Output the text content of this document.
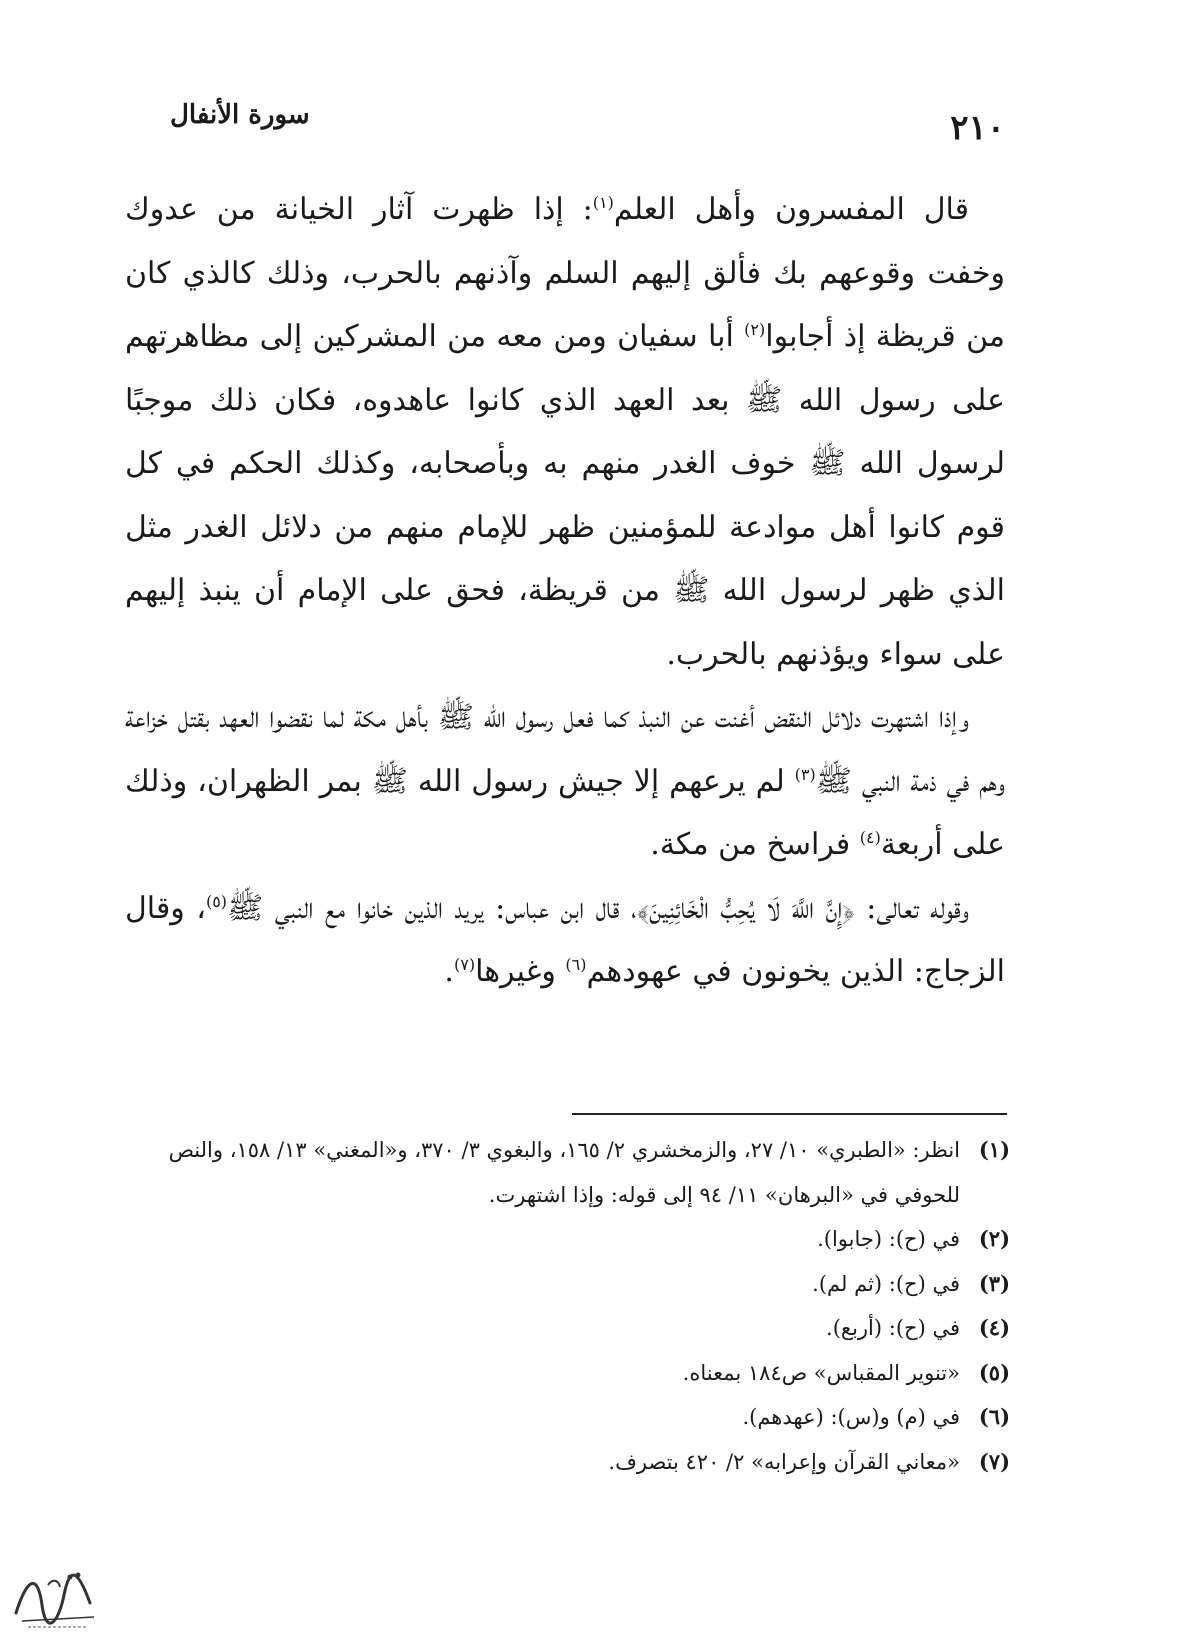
٢١٠
سورة الأنفال

قال المفسرون وأهل العلم$^{(١)}$: إذا ظهرت آثار الخيانة من عدوك وخفت وقوعهم بك فألق إليهم السلم وآذنهم بالحرب، وذلك كالذي كان من قريظة إذ أجابوا$^{(٢)}$ أبا سفيان ومن معه من المشركين إلى مظاهرتهم على رسول الله ﷺ بعد العهد الذي كانوا عاهدوه، فكان ذلك موجبًا لرسول الله ﷺ خوف الغدر منهم به وبأصحابه، وكذلك الحكم في كل قوم كانوا أهل موادعة للمؤمنين ظهر للإمام منهم من دلائل الغدر مثل الذي ظهر لرسول الله ﷺ من قريظة، فحق على الإمام أن ينبذ إليهم على سواء ويؤذنهم بالحرب.

وإذا اشتهرت دلائل النقض أغنت عن النبذ كما فعل رسول الله ﷺ بأهل مكة لما نقضوا العهد بقتل خزاعة وهم في ذمة النبي ﷺ$^{(٣)}$ لم يرعهم إلا جيش رسول الله ﷺ بمر الظهران، وذلك على أربعة$^{(٤)}$ فراسخ من مكة.

وقوله تعالى: ﴿إِنَّ اللَّهَ لَا يُحِبُّ الْخَائِنِينَ﴾، قال ابن عباس: يريد الذين خانوا مع النبي ﷺ$^{(٥)}$، وقال الزجاج: الذين يخونون في عهودهم$^{(٦)}$ وغيرها$^{(٧)}$.

(١)انظر: «الطبري» ١٠/ ٢٧، والزمخشري ٢/ ١٦٥، والبغوي ٣/ ٣٧٠، و«المغني» ١٣/ ١٥٨، والنص للحوفي في «البرهان» ١١/ ٩٤ إلى قوله: وإذا اشتهرت.

(٢)في (ح): (جابوا).

(٣)في (ح): (ثم لم).

(٤)في (ح): (أربع).

(٥)«تنوير المقباس» ص١٨٤ بمعناه.

(٦)في (م) و(س): (عهدهم).

(٧)«معاني القرآن وإعرابه» ٢/ ٤٢٠ بتصرف.
